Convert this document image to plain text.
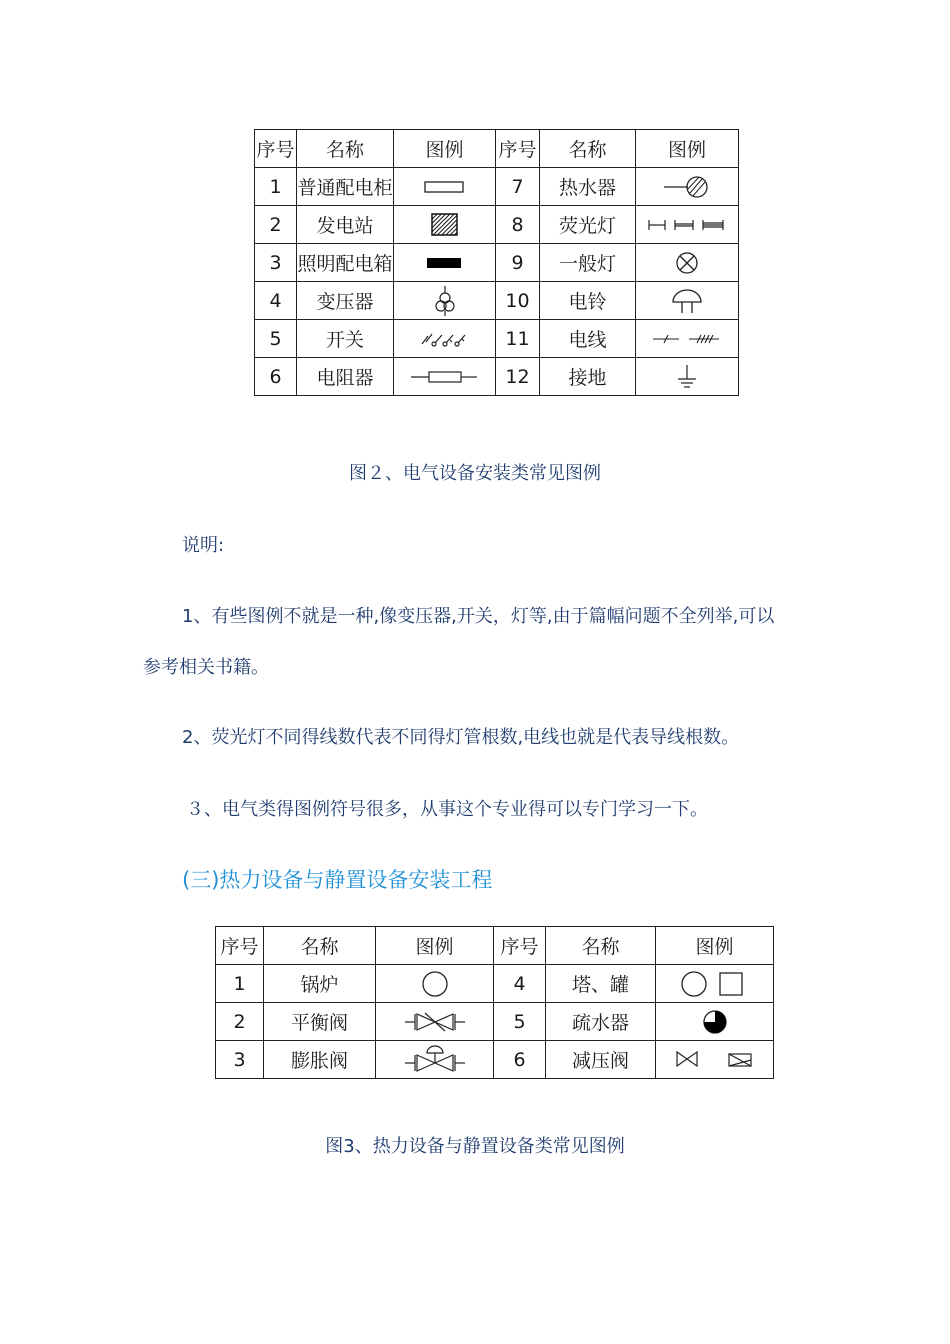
序号	名称	图例	序号	名称	图例
1	普通配电柜		7	热水器	

2	发电站		8	荧光灯	

3	照明配电箱		9	一般灯	

4	变压器		10	电铃	

5	开关		11	电线	

6	电阻器		12	接地	
图２、电气设备安装类常见图例
说明:
1、有些图例不就是一种,像变压器,开关，灯等,由于篇幅问题不全列举,可以
参考相关书籍。
2、荧光灯不同得线数代表不同得灯管根数,电线也就是代表导线根数。
３、电气类得图例符号很多，从事这个专业得可以专门学习一下。
(三)热力设备与静置设备安装工程
序号	名称	图例	序号	名称	图例
1	锅炉		4	塔、罐	

2	平衡阀		5	疏水器	

3	膨胀阀		6	减压阀	
图3、热力设备与静置设备类常见图例
